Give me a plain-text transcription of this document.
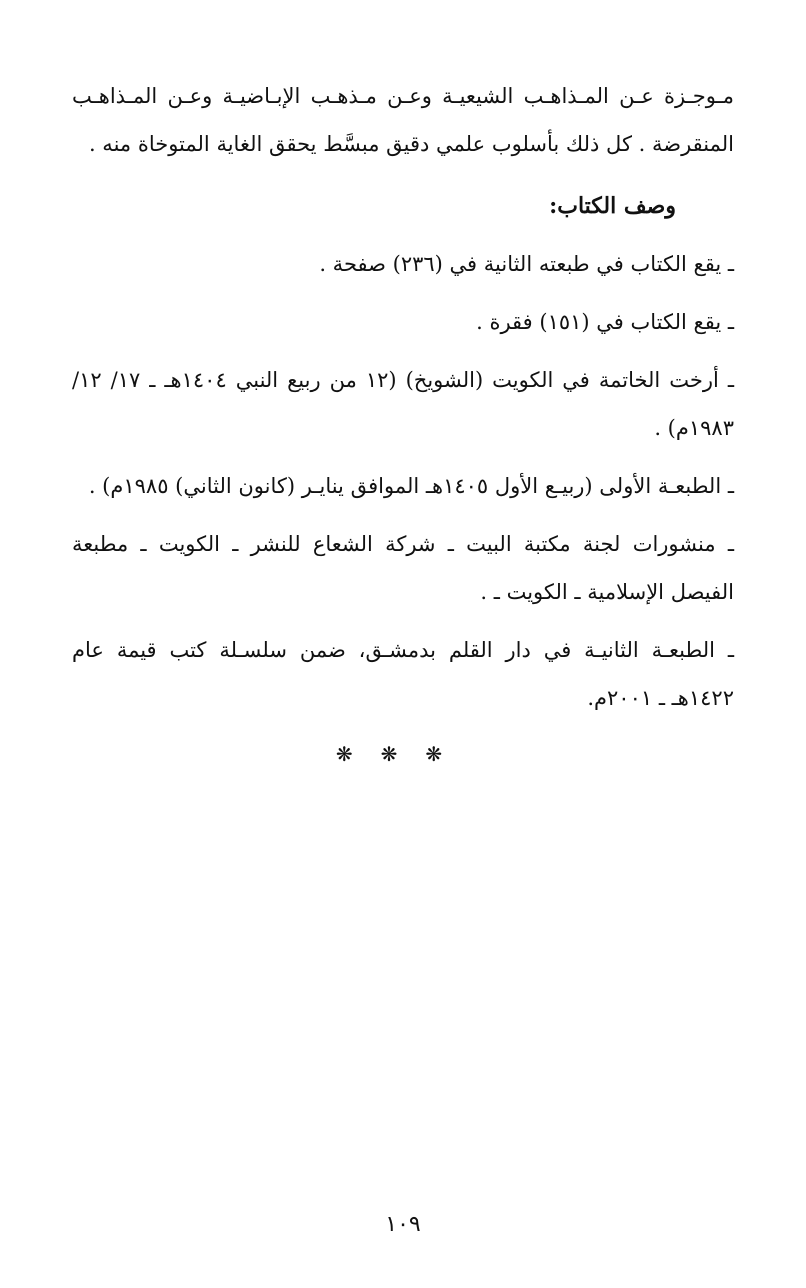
مـوجـزة عـن المـذاهـب الشيعيـة وعـن مـذهـب الإبـاضيـة وعـن المـذاهـب المنقرضة . كل ذلك بأسلوب علمي دقيق مبسَّط يحقق الغاية المتوخاة منه .

وصف الكتاب:

ـ يقع الكتاب في طبعته الثانية في (٢٣٦) صفحة .

ـ يقع الكتاب في (١٥١) فقرة .

ـ أرخت الخاتمة في الكويت (الشويخ) (١٢ من ربيع النبي ١٤٠٤هـ ـ ١٧/ ١٢/ ١٩٨٣م) .

ـ الطبعـة الأولى (ربيـع الأول ١٤٠٥هـ الموافق ينايـر (كانون الثاني) ١٩٨٥م) .

ـ منشورات لجنة مكتبة البيت ـ شركة الشعاع للنشر ـ الكويت ـ مطبعة الفيصل الإسلامية ـ الكويت ـ .

ـ الطبعـة الثانيـة في دار القلم بدمشـق، ضمن سلسـلة كتب قيمة عام ١٤٢٢هـ ـ ٢٠٠١م.

❋❋❋
١٠٩
